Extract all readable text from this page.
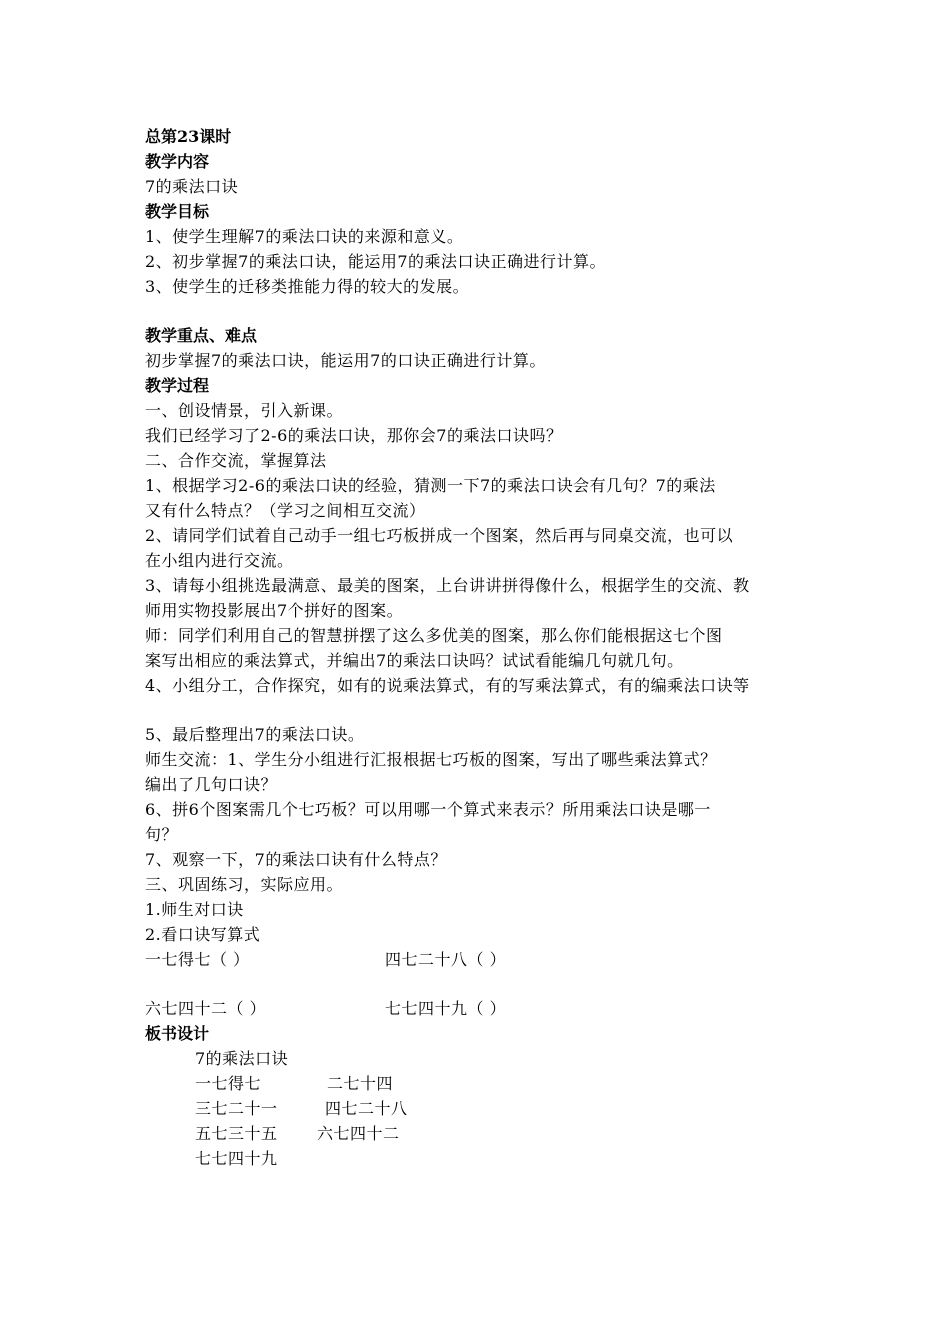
总第23课时
教学内容
7的乘法口诀
教学目标
1、使学生理解7的乘法口诀的来源和意义。
2、初步掌握7的乘法口诀，能运用7的乘法口诀正确进行计算。
3、使学生的迁移类推能力得的较大的发展。
教学重点、难点
初步掌握7的乘法口诀，能运用7的口诀正确进行计算。
教学过程
一、创设情景，引入新课。
我们已经学习了2-6的乘法口诀，那你会7的乘法口诀吗？
二、合作交流，掌握算法
1、根据学习2-6的乘法口诀的经验，猜测一下7的乘法口诀会有几句？7的乘法
又有什么特点？（学习之间相互交流）
2、请同学们试着自己动手一组七巧板拼成一个图案，然后再与同桌交流，也可以
在小组内进行交流。
3、请每小组挑选最满意、最美的图案，上台讲讲拼得像什么，根据学生的交流、教
师用实物投影展出7个拼好的图案。
师：同学们利用自己的智慧拼摆了这么多优美的图案，那么你们能根据这七个图
案写出相应的乘法算式，并编出7的乘法口诀吗？试试看能编几句就几句。
4、小组分工，合作探究，如有的说乘法算式，有的写乘法算式，有的编乘法口诀等
5、最后整理出7的乘法口诀。
师生交流：1、学生分小组进行汇报根据七巧板的图案，写出了哪些乘法算式？
编出了几句口诀？
6、拼6个图案需几个七巧板？可以用哪一个算式来表示？所用乘法口诀是哪一
句？
7、观察一下，7的乘法口诀有什么特点？
三、巩固练习，实际应用。
1.师生对口诀
2.看口诀写算式
一七得七（ ）	四七二十八（ ）
六七四十二（ ）	七七四十九（ ）
板书设计
7的乘法口诀
一七得七	二七十四
三七二十一	四七二十八
五七三十五 六七四十二
七七四十九
